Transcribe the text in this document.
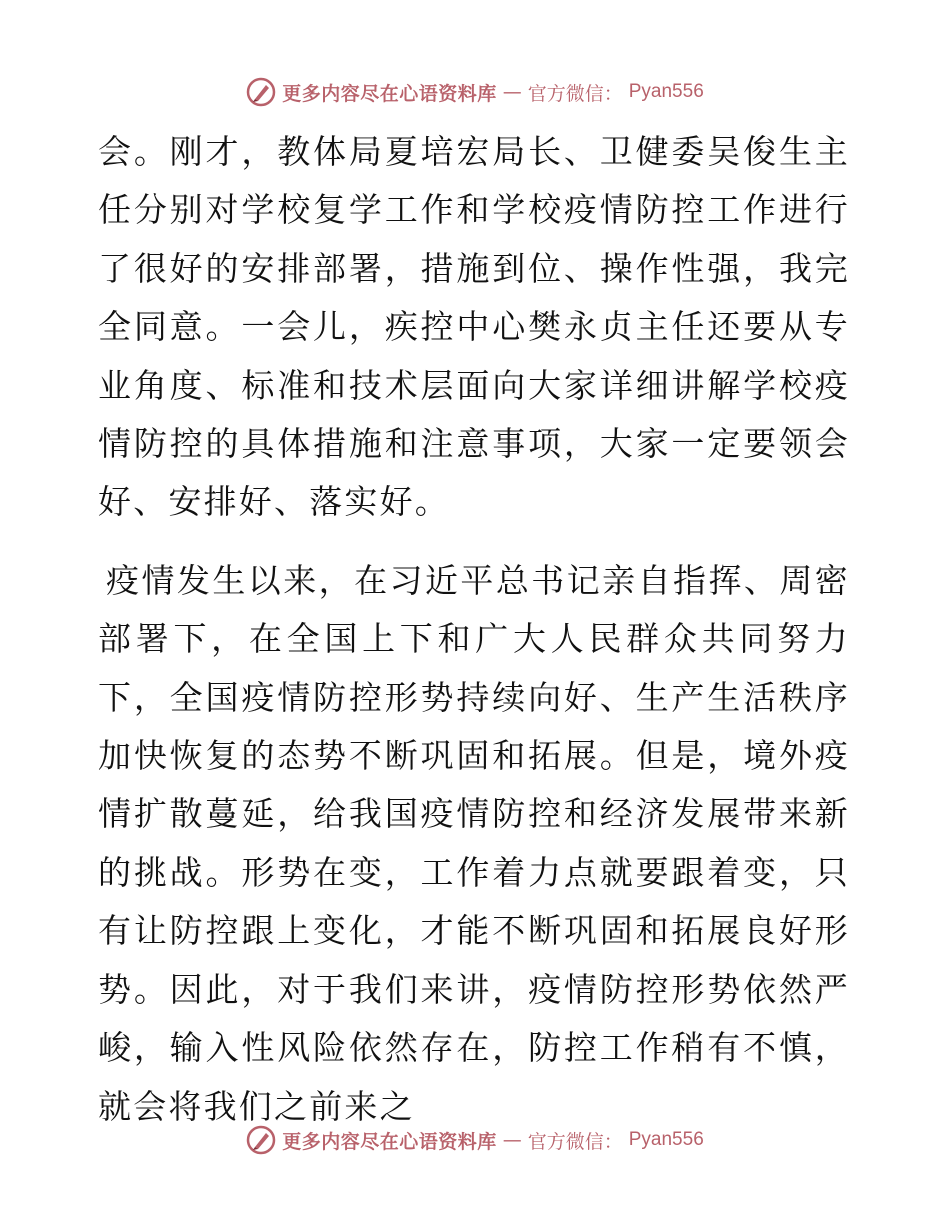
更多内容尽在心语资料库 — 官方微信： Pyan556

会。刚才，教体局夏培宏局长、卫健委吴俊生主任分别对学校复学工作和学校疫情防控工作进行了很好的安排部署，措施到位、操作性强，我完全同意。一会儿，疾控中心樊永贞主任还要从专业角度、标准和技术层面向大家详细讲解学校疫情防控的具体措施和注意事项，大家一定要领会好、安排好、落实好。

疫情发生以来，在习近平总书记亲自指挥、周密部署下，在全国上下和广大人民群众共同努力下，全国疫情防控形势持续向好、生产生活秩序加快恢复的态势不断巩固和拓展。但是，境外疫情扩散蔓延，给我国疫情防控和经济发展带来新的挑战。形势在变，工作着力点就要跟着变，只有让防控跟上变化，才能不断巩固和拓展良好形势。因此，对于我们来讲，疫情防控形势依然严峻，输入性风险依然存在，防控工作稍有不慎，就会将我们之前来之

更多内容尽在心语资料库 — 官方微信： Pyan556
